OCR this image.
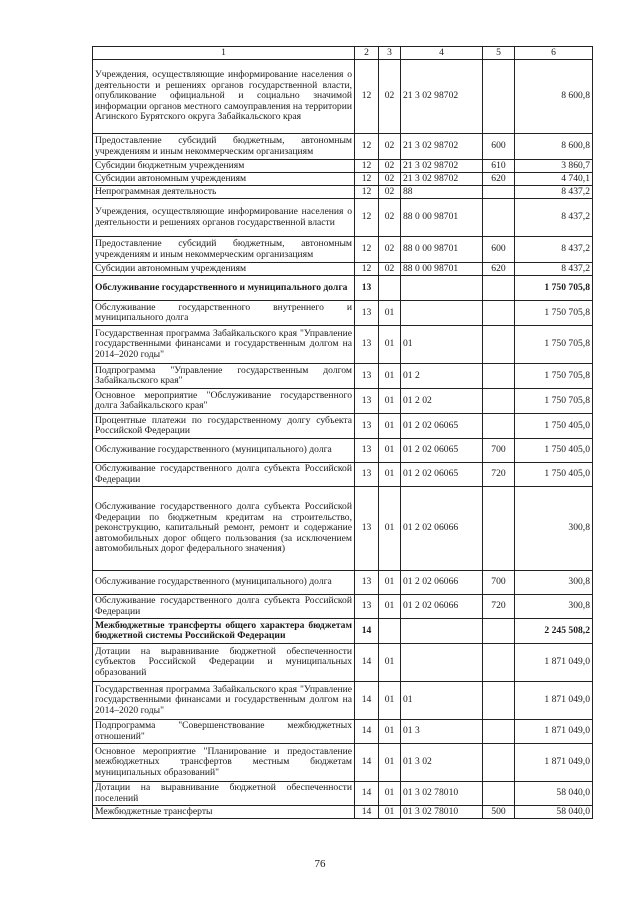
1	2	3	4	5	6
Учреждения, осуществляющие информирование населения о деятельности и решениях органов государственной власти, опубликование официальной и социально значимой информации органов местного самоуправления на территории Агинского Бурятского округа Забайкальского края	12	02	21 3 02 98702		8 600,8
Предоставление субсидий бюджетным, автономным учреждениям и иным некоммерческим организациям	12	02	21 3 02 98702	600	8 600,8
Субсидии бюджетным учреждениям	12	02	21 3 02 98702	610	3 860,7
Субсидии автономным учреждениям	12	02	21 3 02 98702	620	4 740,1
Непрограммная деятельность	12	02	88		8 437,2
Учреждения, осуществляющие информирование населения о деятельности и решениях органов государственной власти	12	02	88 0 00 98701		8 437,2
Предоставление субсидий бюджетным, автономным учреждениям и иным некоммерческим организациям	12	02	88 0 00 98701	600	8 437,2
Субсидии автономным учреждениям	12	02	88 0 00 98701	620	8 437,2
Обслуживание государственного и муниципального долга	13				1 750 705,8
Обслуживание государственного внутреннего и муниципального долга	13	01			1 750 705,8
Государственная программа Забайкальского края "Управление государственными финансами и государственным долгом на 2014–2020 годы"	13	01	01		1 750 705,8
Подпрограмма "Управление государственным долгом Забайкальского края"	13	01	01 2		1 750 705,8
Основное мероприятие "Обслуживание государственного долга Забайкальского края"	13	01	01 2 02		1 750 705,8
Процентные платежи по государственному долгу субъекта Российской Федерации	13	01	01 2 02 06065		1 750 405,0
Обслуживание государственного (муниципального) долга	13	01	01 2 02 06065	700	1 750 405,0
Обслуживание государственного долга субъекта Российской Федерации	13	01	01 2 02 06065	720	1 750 405,0
Обслуживание государственного долга субъекта Российской Федерации по бюджетным кредитам на строительство, реконструкцию, капитальный ремонт, ремонт и содержание автомобильных дорог общего пользования (за исключением автомобильных дорог федерального значения)	13	01	01 2 02 06066		300,8
Обслуживание государственного (муниципального) долга	13	01	01 2 02 06066	700	300,8
Обслуживание государственного долга субъекта Российской Федерации	13	01	01 2 02 06066	720	300,8
Межбюджетные трансферты общего характера бюджетам бюджетной системы Российской Федерации	14				2 245 508,2
Дотации на выравнивание бюджетной обеспеченности субъектов Российской Федерации и муниципальных образований	14	01			1 871 049,0
Государственная программа Забайкальского края "Управление государственными финансами и государственным долгом на 2014–2020 годы"	14	01	01		1 871 049,0
Подпрограмма "Совершенствование межбюджетных отношений"	14	01	01 3		1 871 049,0
Основное мероприятие "Планирование и предоставление межбюджетных трансфертов местным бюджетам муниципальных образований"	14	01	01 3 02		1 871 049,0
Дотации на выравнивание бюджетной обеспеченности поселений	14	01	01 3 02 78010		58 040,0
Межбюджетные трансферты	14	01	01 3 02 78010	500	58 040,0
76
